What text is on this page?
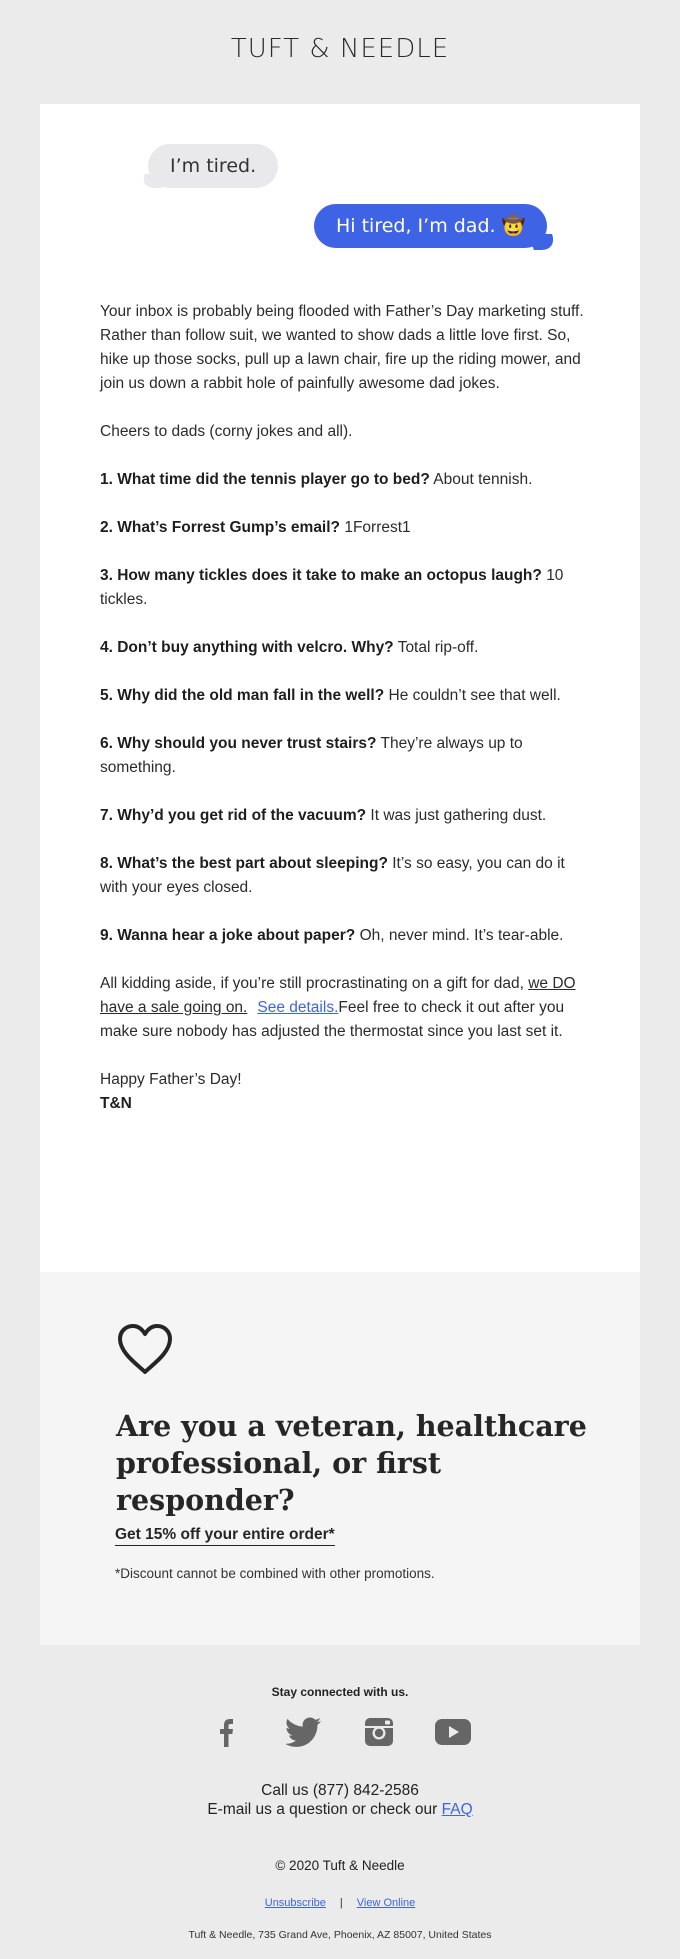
TUFT & NEEDLE
I’m tired.
Hi tired, I’m dad. 🤠

Your inbox is probably being flooded with Father’s Day marketing stuff. Rather than follow suit, we wanted to show dads a little love first. So, hike up those socks, pull up a lawn chair, fire up the riding mower, and join us down a rabbit hole of painfully awesome dad jokes.

Cheers to dads (corny jokes and all).

1. What time did the tennis player go to bed? About tennish.

2. What’s Forrest Gump’s email? 1Forrest1

3. How many tickles does it take to make an octopus laugh? 10 tickles.

4. Don’t buy anything with velcro. Why? Total rip-off.

5. Why did the old man fall in the well? He couldn’t see that well.

6. Why should you never trust stairs? They’re always up to something.

7. Why’d you get rid of the vacuum? It was just gathering dust.

8. What’s the best part about sleeping? It’s so easy, you can do it with your eyes closed.

9. Wanna hear a joke about paper? Oh, never mind. It’s tear-able.

All kidding aside, if you’re still procrastinating on a gift for dad, we DO have a sale going on. See details.Feel free to check it out after you make sure nobody has adjusted the thermostat since you last set it.

Happy Father’s Day!
T&N

Are you a veteran, healthcare professional, or first responder?
Get 15% off your entire order*
*Discount cannot be combined with other promotions.
Stay connected with us.
Call us (877) 842-2586
E-mail us a question or check our FAQ
© 2020 Tuft & Needle
Unsubscribe | View Online
Tuft & Needle, 735 Grand Ave, Phoenix, AZ 85007, United States
